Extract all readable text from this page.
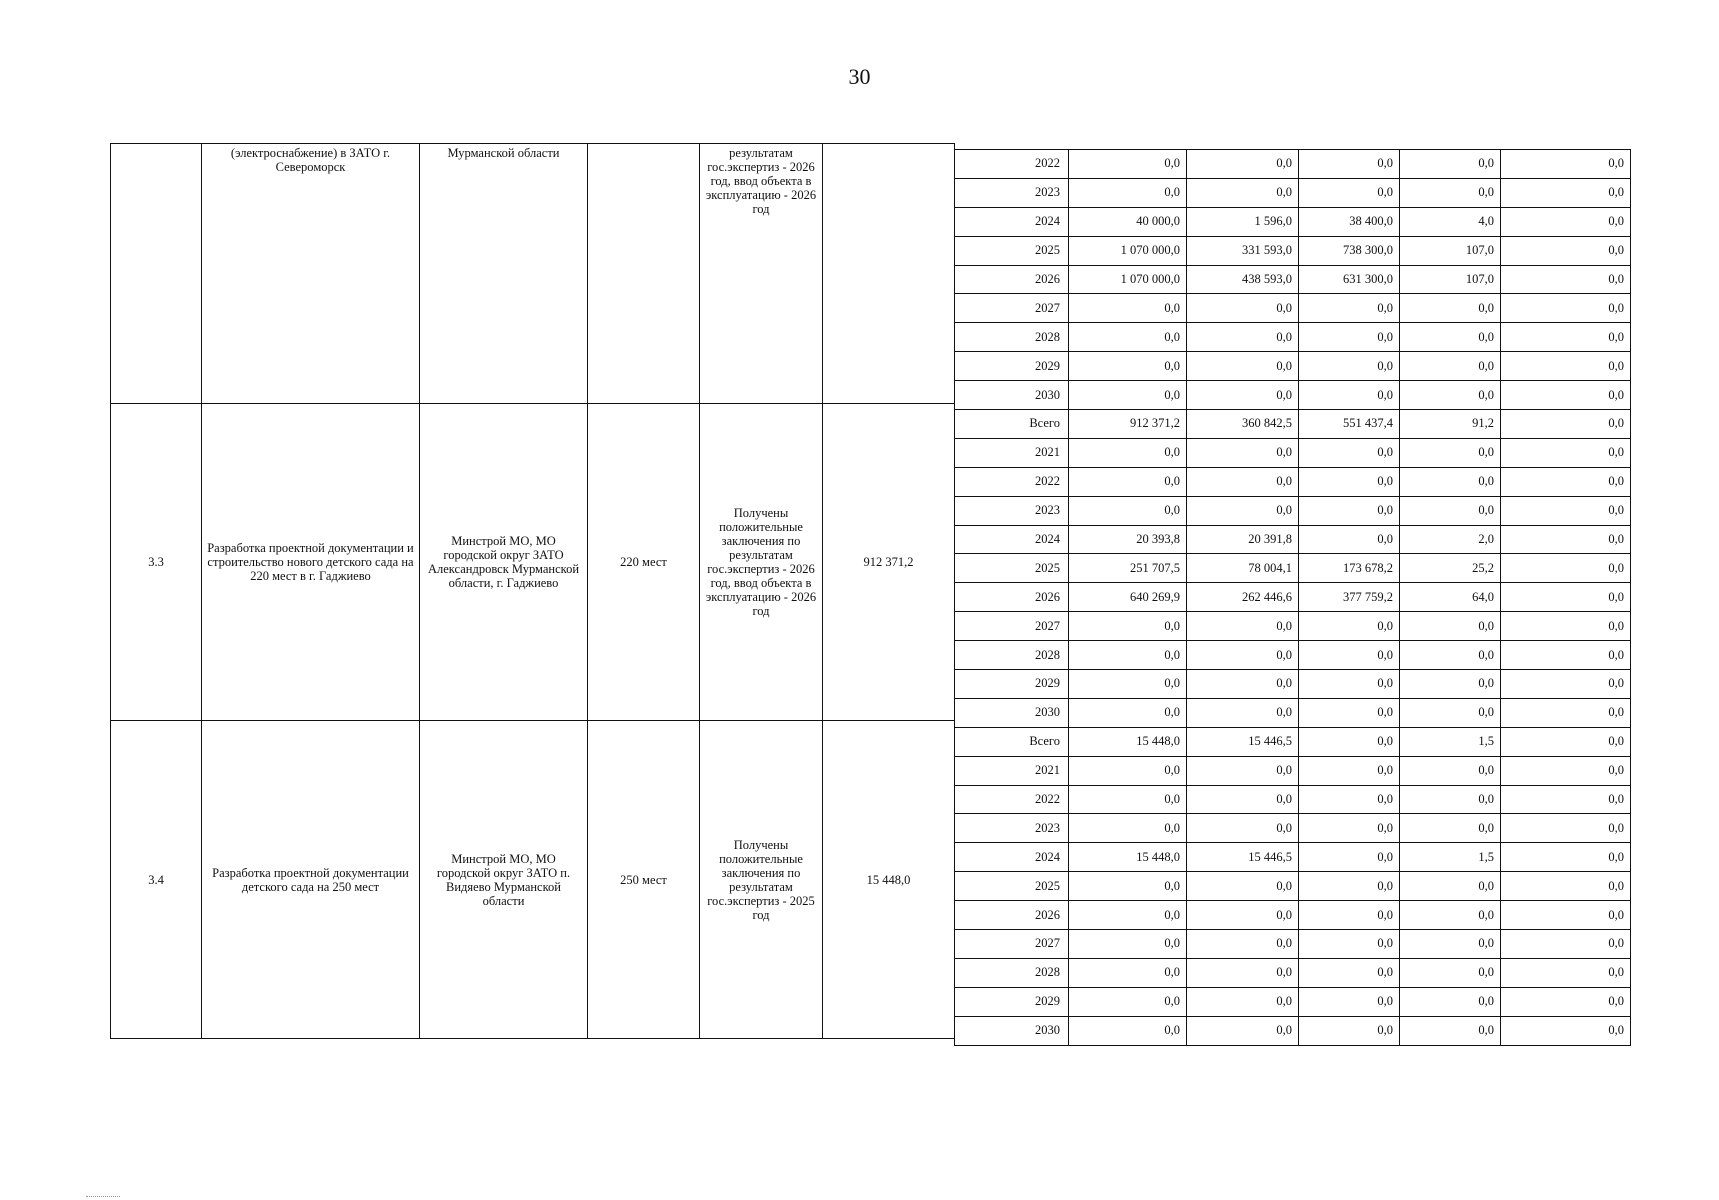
30
	(электроснабжение) в ЗАТО г. Североморск	Мурманской области		результатам гос.экспертиз - 2026 год, ввод объекта в эксплуатацию - 2026 год	
3.3	Разработка проектной документации и строительство нового детского сада на 220 мест в г. Гаджиево	Минстрой МО, МО городской округ ЗАТО Александровск Мурманской области, г. Гаджиево	220 мест	Получены положительные заключения по результатам гос.экспертиз - 2026 год, ввод объекта в эксплуатацию - 2026 год	912 371,2
3.4	Разработка проектной документации детского сада на 250 мест	Минстрой МО, МО городской округ ЗАТО п. Видяево Мурманской области	250 мест	Получены положительные заключения по результатам гос.экспертиз - 2025 год	15 448,0
2022	0,0	0,0	0,0	0,0	0,0
2023	0,0	0,0	0,0	0,0	0,0
2024	40 000,0	1 596,0	38 400,0	4,0	0,0
2025	1 070 000,0	331 593,0	738 300,0	107,0	0,0
2026	1 070 000,0	438 593,0	631 300,0	107,0	0,0
2027	0,0	0,0	0,0	0,0	0,0
2028	0,0	0,0	0,0	0,0	0,0
2029	0,0	0,0	0,0	0,0	0,0
2030	0,0	0,0	0,0	0,0	0,0
Всего	912 371,2	360 842,5	551 437,4	91,2	0,0
2021	0,0	0,0	0,0	0,0	0,0
2022	0,0	0,0	0,0	0,0	0,0
2023	0,0	0,0	0,0	0,0	0,0
2024	20 393,8	20 391,8	0,0	2,0	0,0
2025	251 707,5	78 004,1	173 678,2	25,2	0,0
2026	640 269,9	262 446,6	377 759,2	64,0	0,0
2027	0,0	0,0	0,0	0,0	0,0
2028	0,0	0,0	0,0	0,0	0,0
2029	0,0	0,0	0,0	0,0	0,0
2030	0,0	0,0	0,0	0,0	0,0
Всего	15 448,0	15 446,5	0,0	1,5	0,0
2021	0,0	0,0	0,0	0,0	0,0
2022	0,0	0,0	0,0	0,0	0,0
2023	0,0	0,0	0,0	0,0	0,0
2024	15 448,0	15 446,5	0,0	1,5	0,0
2025	0,0	0,0	0,0	0,0	0,0
2026	0,0	0,0	0,0	0,0	0,0
2027	0,0	0,0	0,0	0,0	0,0
2028	0,0	0,0	0,0	0,0	0,0
2029	0,0	0,0	0,0	0,0	0,0
2030	0,0	0,0	0,0	0,0	0,0
